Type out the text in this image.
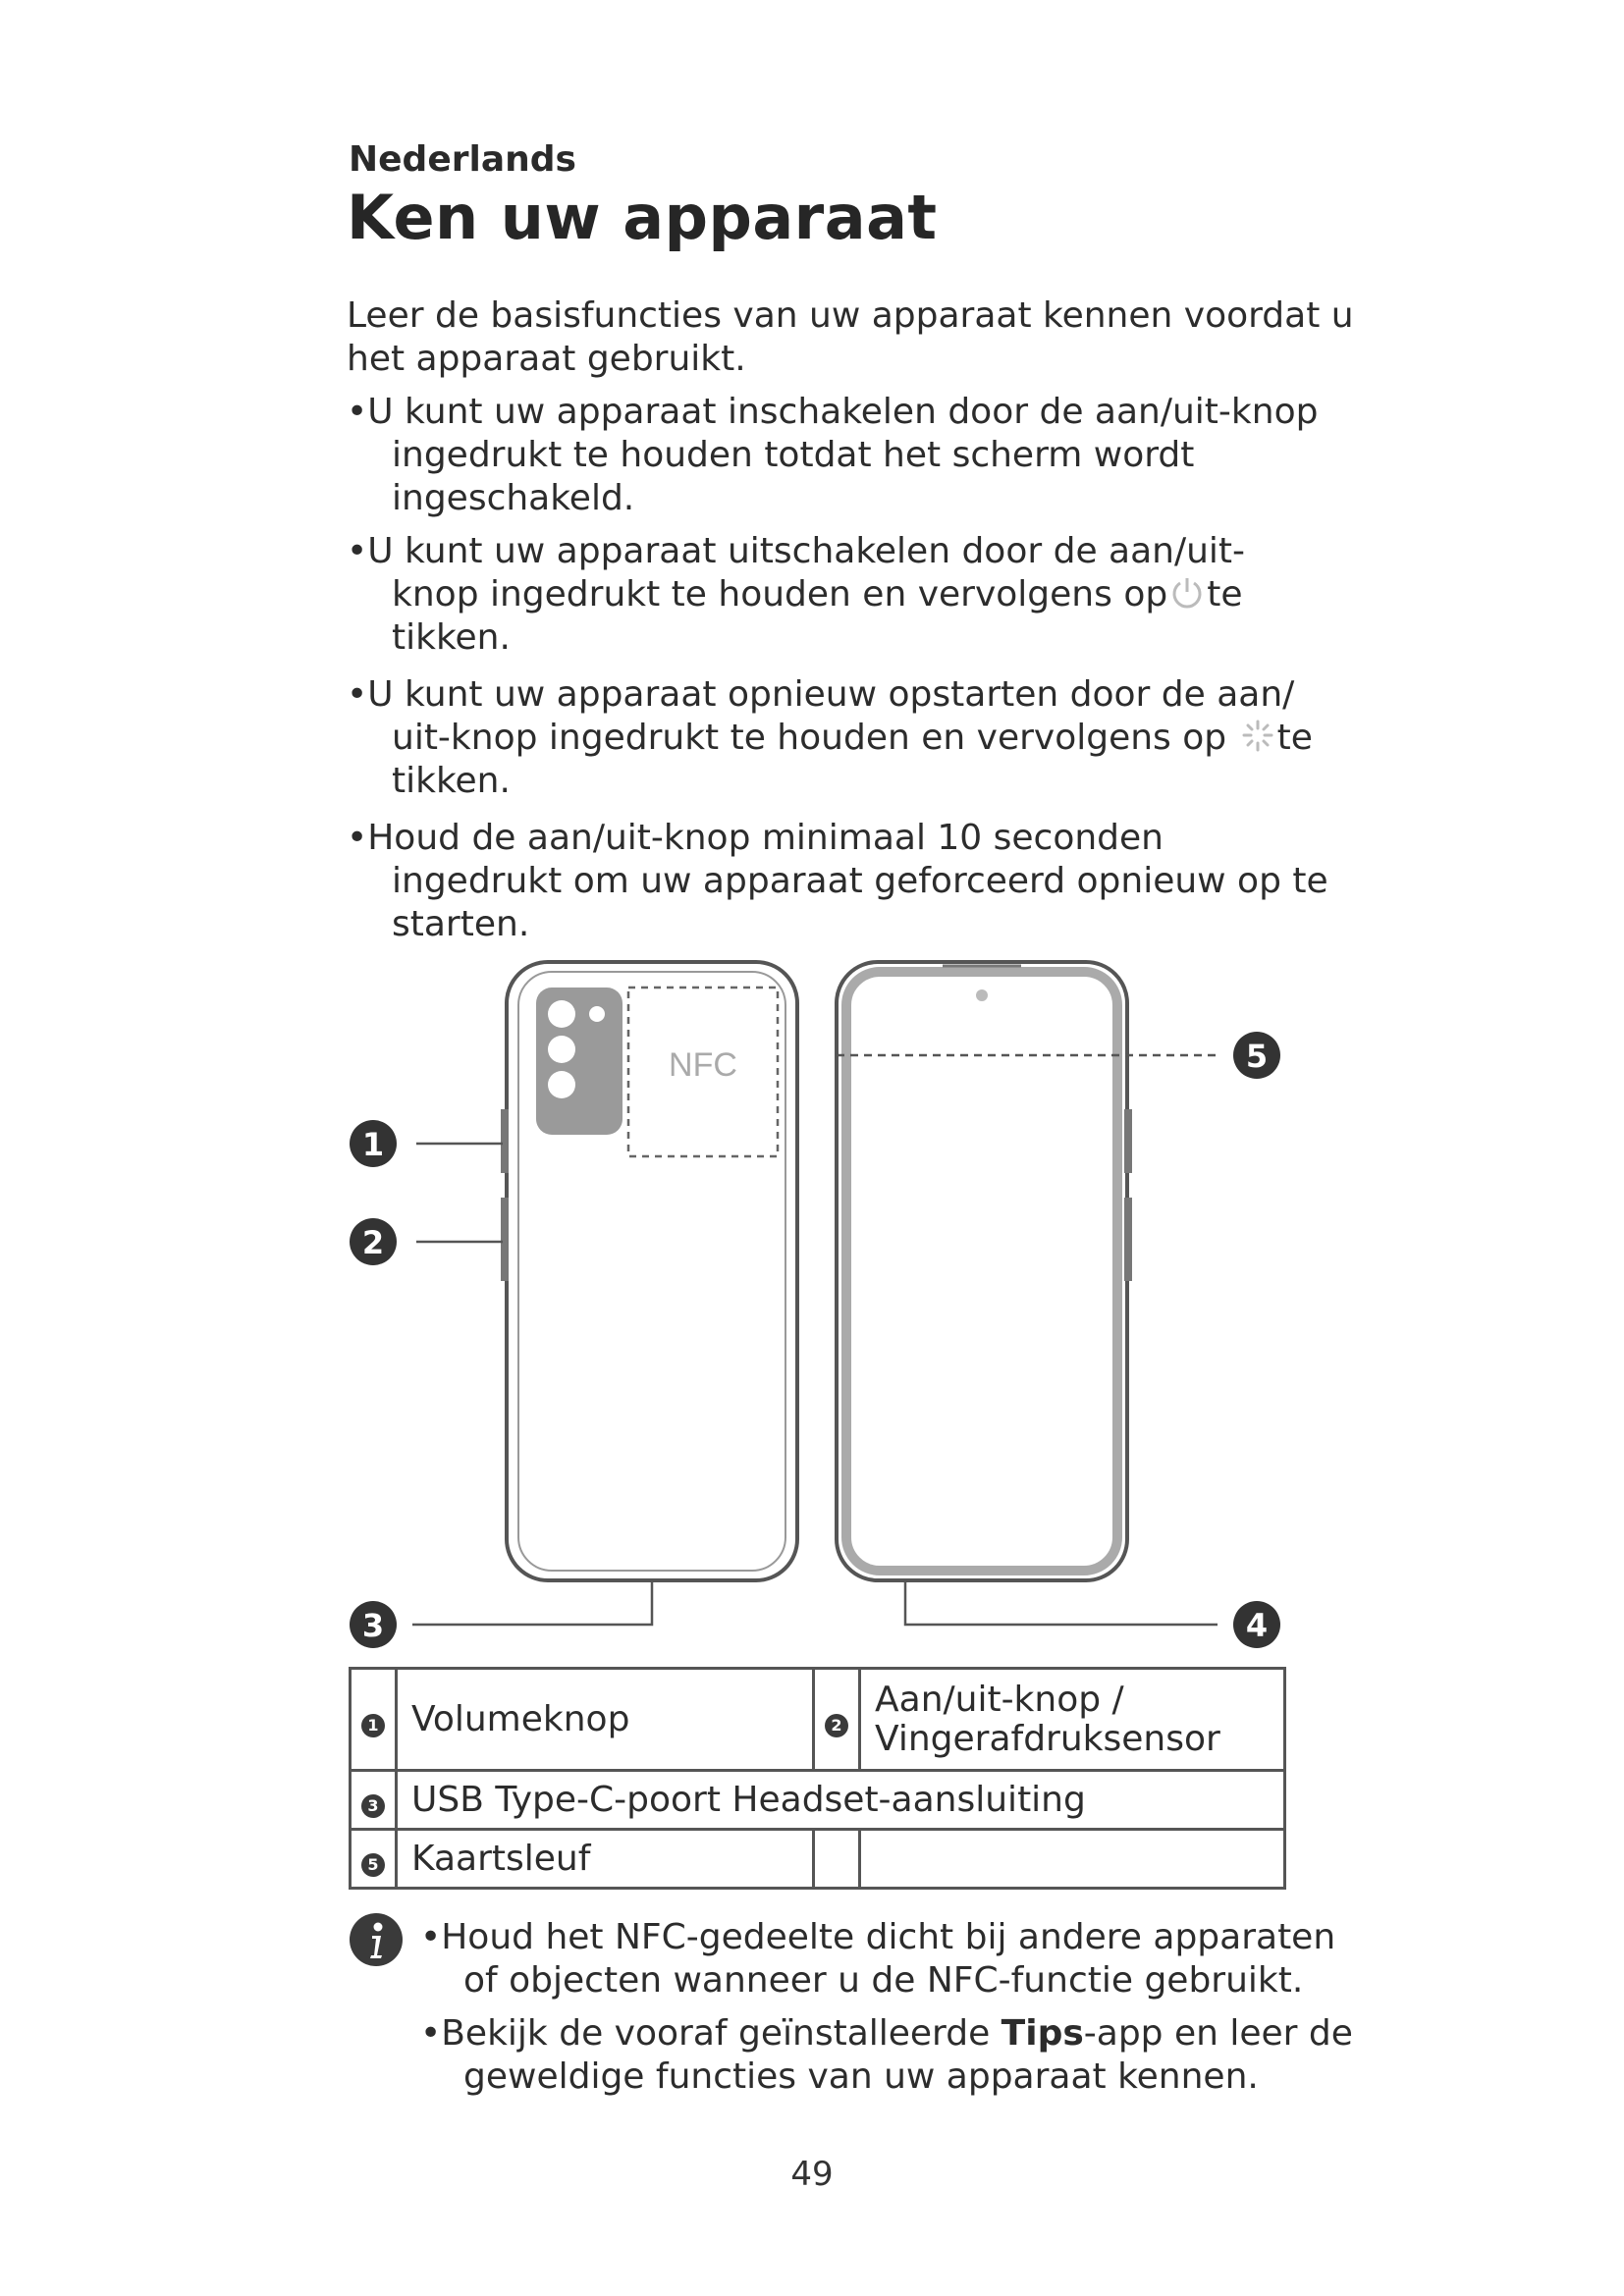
Nederlands
Ken uw apparaat
Leer de basisfuncties van uw apparaat kennen voordat u
het apparaat gebruikt.
•U kunt uw apparaat inschakelen door de aan/uit-knop
ingedrukt te houden totdat het scherm wordt
ingeschakeld.
•U kunt uw apparaat uitschakelen door de aan/uit-
knop ingedrukt te houden en vervolgens op te
tikken.
•U kunt uw apparaat opnieuw opstarten door de aan/
uit-knop ingedrukt te houden en vervolgens op te
tikken.
•Houd de aan/uit-knop minimaal 10 seconden
ingedrukt om uw apparaat geforceerd opnieuw op te
starten.
NFC
1
2
3	4
5
1	Volumeknop	2	Aan/uit-knop /
Vingerafdruksensor

3	USB Type-C-poort Headset-aansluiting		
5	Kaartsleuf		
•Houd het NFC-gedeelte dicht bij andere apparaten
of objecten wanneer u de NFC-functie gebruikt.
•Bekijk de vooraf geïnstalleerde Tips-app en leer de
geweldige functies van uw apparaat kennen.
49
